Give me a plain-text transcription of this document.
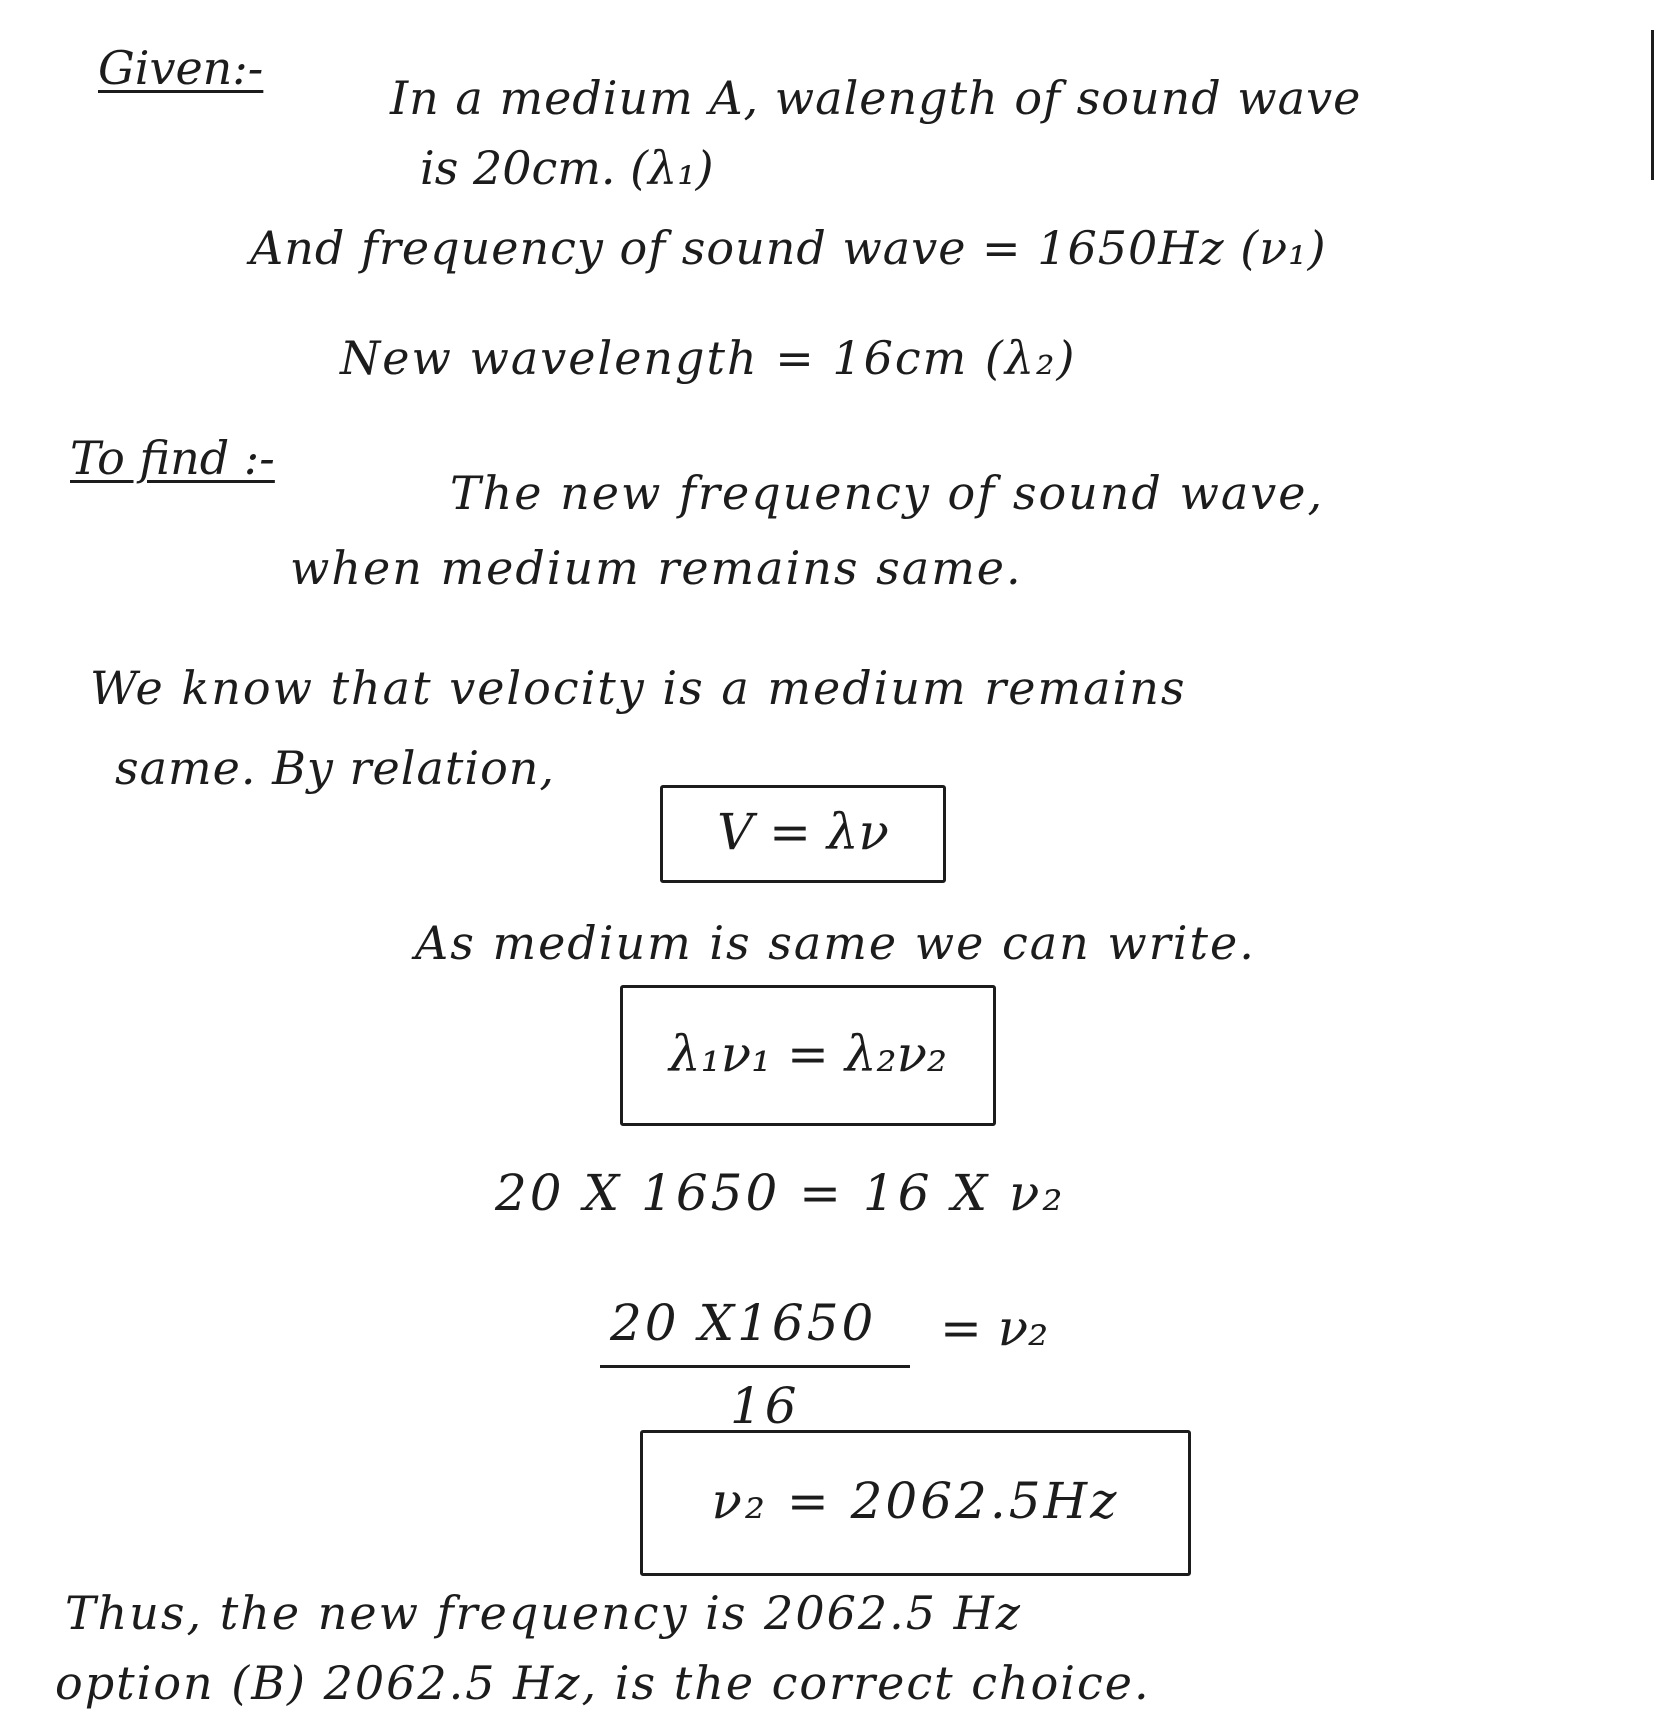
Given:-
In a medium A, walength of sound wave
is 20cm. (λ₁)
And frequency of sound wave = 1650Hz (ν₁)
New wavelength = 16cm (λ₂)
To find :-
The new frequency of sound wave,
when medium remains same.
We know that velocity is a medium remains
same. By relation,
V = λν
As medium is same we can write.
λ₁ν₁ = λ₂ν₂
20 X 1650 = 16 X ν₂
20 X1650 = ν₂
16
ν₂ = 2062.5Hz
Thus, the new frequency is 2062.5 Hz
option (B) 2062.5 Hz, is the correct choice.
